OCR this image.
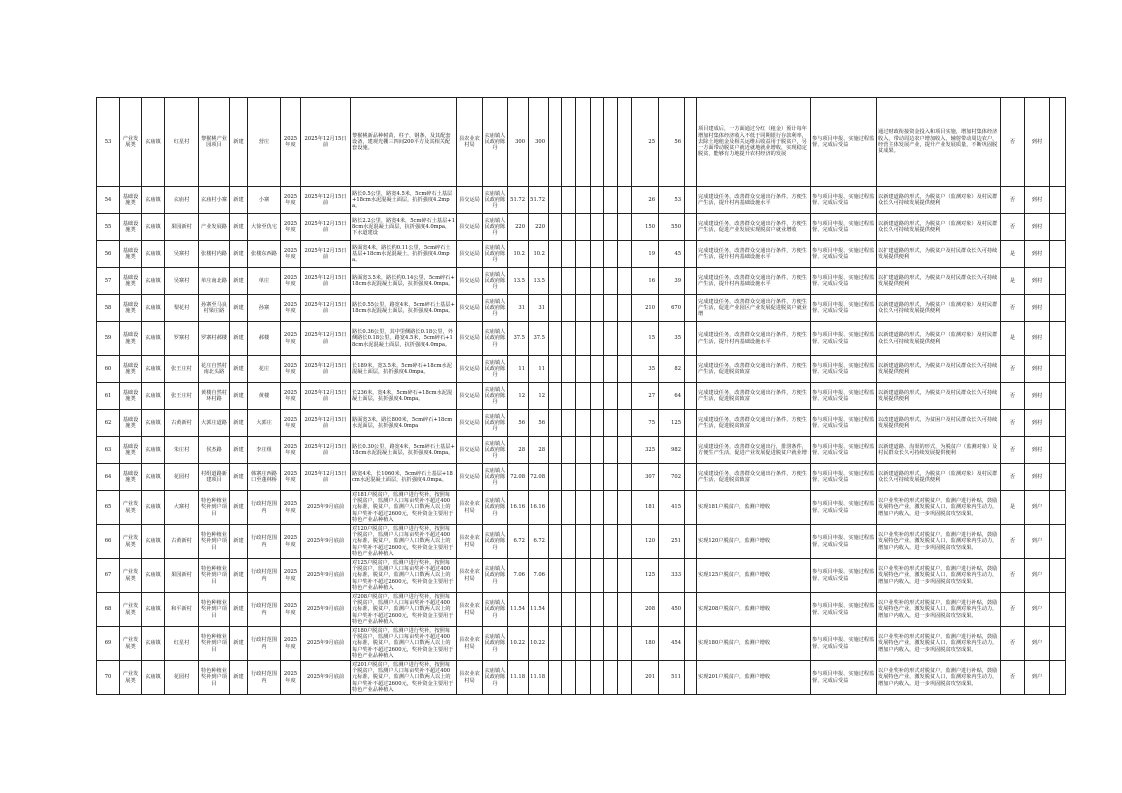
53	产业发展类	玄庙镇	红星村	黎猴桃产业园项目	新建	营庄	2025年度	2025年12月15日前	黎猴桃新品种树苗，柱子，钢条，及其配套设备，建观光棚三四间200平方及其相关配套设施。	县农业农村局	玄庙镇人民政府陈丹	300	300							25	56		项目建成后，一方面通过分红（租金）预计每年增加村集体经济收入不低于同期银行存款利率，去除土地租金及相关运维后收益用于脱贫户，另一方面带动脱贫户就近就地就业增收，实现稳定脱贫，能够有力地提升农村经济的发展	参与项目申报、实施过程监督、完成后受益	通过财政衔接资金投入和项目实施，增加村集体经济收入，带动周边农户增加收入，辅射带动周边农户，经营主体发展产业，提升产业发展质量，不断巩固脱贫成果。	否	到村	
54	基础设施类	玄庙镇	玄庙村	玄庙村小寨	新建	小寨	2025年度	2025年12月15日前	路长0.5公里，路宽4.5米，5cm碎石土基层+18cm水泥混凝土面层，抗折强度4.2mpa。	县交运局	玄庙镇人民政府陈丹	51.72	51.72							26	53		完成建设任务，改善群众交通出行条件，方便生产生活，提升村内基础设施水平	参与项目申报、实施过程监督、完成后受益	以新建道路的形式，为脱贫户（监测对象）及村民群众长久可持续发展提供便利	否	到村	
55	基础设施类	玄庙镇	果园新村	产业发展路	新建	大徐至仇宅	2025年度	2025年12月15日前	路长2.2公里，路宽4米，5cm碎石土基层+18cm水泥混凝土面层，抗折强度4.0mpa，下水道建设	县交运局	玄庙镇人民政府陈丹	220	220							150	550		完成建设任务，改善群众交通出行条件，方便生产生活，促进产业发展实现脱贫户就业增收	参与项目申报、实施过程监督、完成后受益	以新建道路的形式，为脱贫户（监测对象）及村民群众长久可持续发展提供便利	否	到村	
56	基础设施类	玄庙镇	吴寨村	张楼村内路	新建	张楼东西路	2025年度	2025年12月15日前	路面宽4米，路长约0.11公里，5cm碎石土基层+18cm水泥混凝土，抗折强度4.0mpa。	县交运局	玄庙镇人民政府陈丹	10.2	10.2							19	45		完成建设任务，改善群众交通出行条件，方便生产生活，提升村内基础设施水平	参与项目申报、实施过程监督、完成后受益	以扩建道路的形式，为脱贫户及村民群众长久可持续发展提供便利	是	到村	
57	基础设施类	玄庙镇	吴寨村	单庄南北路	新建	单庄	2025年度	2025年12月15日前	路面宽3.5米，路长约0.14公里，5cm碎石+18cm水泥混凝土面层，抗折强度4.0mpa。	县交运局	玄庙镇人民政府陈丹	13.5	13.5							16	39		完成建设任务，改善群众交通出行条件，方便生产生活，提升村内基础设施水平	参与项目申报、实施过程监督、完成后受益	以扩建道路的形式，为脱贫户及村民群众长久可持续发展提供便利	是	到村	
58	基础设施类	玄庙镇	梨花村	孙寨至马良村梁庄路	新建	孙寨	2025年度	2025年12月15日前	路长0.55公里，路宽4米，5cm碎石土基层+18cm水泥混凝土面层，抗折强度4.0mpa。	县交运局	玄庙镇人民政府陈丹	31	31							210	670		完成建设任务，改善群众交通出行条件，方便生产生活，促进产业园区产业发展促进脱贫户就业增	参与项目申报、实施过程监督、完成后受益	以新建道路的形式，为脱贫户（监测对象）及村民群众长久可持续发展提供便利	否	到村	
59	基础设施类	玄庙镇	罗寨村	罗寨村郝楼	新建	郝楼	2025年度	2025年12月15日前	路长0.36公里，其中里侧路长0.18公里，外侧路长0.18公里。路宽4.5米，5cm碎石+18cm水泥混凝土面层，抗折强度4.0mpa。	县交运局	玄庙镇人民政府陈丹	37.5	37.5							15	35		完成建设任务，改善群众交通出行条件，方便生产生活，提升村内基础设施水平	参与项目申报、实施过程监督、完成后受益	以新建道路的形式，为脱贫户（监测对象）及村民群众长久可持续发展提供便利	是	到村	
60	基础设施类	玄庙镇	张王庄村	花庄自然村南北头路	新建	花庄	2025年度	2025年12月15日前	长189米，宽3.5米，5cm碎石+18cm水泥混凝土面层，抗折强度4.0mpa。	县交运局	玄庙镇人民政府陈丹	11	11							35	82		完成建设任务，改善群众交通出行条件，方便生产生活，促进脱贫致富	参与项目申报、实施过程监督、完成后受益	以新建道路的形式，为脱贫户及村民群众长久可持续发展提供便利	否	到村	
61	基础设施类	玄庙镇	张王庄村	黄楼自然村环村路	新建	黄楼	2025年度	2025年12月15日前	长236米，宽4米，5cm碎石+18cm水泥混凝土面层，抗折强度4.0mpa。	县交运局	玄庙镇人民政府陈丹	12	12							27	64		完成建设任务，改善群众交通出行条件，方便生产生活，促进脱贫致富	参与项目申报、实施过程监督、完成后受益	以新建道路的形式，为脱贫户及村民群众长久可持续发展提供便利	否	到村	
62	基础设施类	玄庙镇	古黄新村	大郭庄道路	新建	大郭庄	2025年度	2025年12月15日前	路面宽3米，路长800米，5cm碎石+18cm水泥面层，抗折强度4.0mpa	县交运局	玄庙镇人民政府陈丹	56	56							75	125		完成建设任务，改善群众交通出行条件，方便生产生活，促进脱贫致富	参与项目申报、实施过程监督、完成后受益	以改建道路的形式，为贫困户及村民群众长久可持续发展提供便利	否	到村	
63	基础设施类	玄庙镇	朱庄村	侯杰路	新建	李庄组	2025年度	2025年12月15日前	路长0.30公里，路宽4米，5cm碎石土基层+18cm水泥混凝土面层，抗折强度4.0mpa。	县交运局	玄庙镇人民政府陈丹	28	28							325	982		完成建设任务，改善群众交通出行，排涝条件，方便生产生活，促进产业发展促进脱贫户就业增	参与项目申报、实施过程监督、完成后受益	以新建道路、沟渠的形式，为脱贫户（监测对象）及村民群众长久可持续发展提供便利	否	到村	
64	基础设施类	玄庙镇	花园村	村组道路新建项目	新建	韩寨庄西路口至蓬林桥	2025年度	2025年12月15日前	路宽4米，长1060米，5cm碎石土基层+18cm水泥混凝土面层，抗折强度4.0mpa。	县交运局	玄庙镇人民政府陈丹	72.08	72.08							307	702		完成建设任务，改善群众交通出行条件，方便生产生活，促进脱贫致富	参与项目申报、实施过程监督、完成后受益	以新建道路的形式，为脱贫户（监测对象）及村民群众长久可持续发展提供便利	否	到村	
65	产业发展类	玄庙镇	大寨村	特色种植业奖补到户项目	新建	行政村范围内	2025年度	2025年9月底前	对181户脱贫户，监测户进行奖补。按照每个脱贫户，监测户人口每亩奖补不超过400元标准，脱贫户，监测户人口数两人以上的每户奖补不超过2600元，奖补资金主要用于特色产业品种植入	县农业农村局	玄庙镇人民政府陈丹	16.16	16.16							181	415		实现181户脱贫户，监测户增收	参与项目申报、实施过程监督、完成后受益	以户业奖补的形式对脱贫户，监测户进行补贴，鼓励发展特色产业，激发脱贫人口，监测对象内生动力，增加户内收入，进一步巩固脱贫攻坚成果。	是	到户	
66	产业发展类	玄庙镇	古黄新村	特色种植业奖补到户项目	新建	行政村范围内	2025年度	2025年9月底前	对120户脱贫户，监测户进行奖补。按照每个脱贫户，监测户人口每亩奖补不超过400元标准，脱贫户，监测户人口数两人以上的每户奖补不超过2600元，奖补资金主要用于特色产业品种植入	县农业农村局	玄庙镇人民政府陈丹	6.72	6.72							120	251		实现120户脱贫户，监测户增收	参与项目申报、实施过程监督、完成后受益	以户业奖补的形式对脱贫户，监测户进行补贴，鼓励发展特色产业，激发脱贫人口，监测对象内生动力，增加户内收入，进一步巩固脱贫攻坚成果。	否	到户	
67	产业发展类	玄庙镇	果园新村	特色种植业奖补到户项目	新建	行政村范围内	2025年度	2025年9月底前	对125户脱贫户，监测户进行奖补。按照每个脱贫户，监测户人口每亩奖补不超过400元标准，脱贫户，监测户人口数两人以上的每户奖补不超过2600元，奖补资金主要用于特色产业品种植入	县农业农村局	玄庙镇人民政府陈丹	7.06	7.06							125	333		实现125户脱贫户，监测户增收	参与项目申报、实施过程监督、完成后受益	以户业奖补的形式对脱贫户，监测户进行补贴，鼓励发展特色产业，激发脱贫人口，监测对象内生动力，增加户内收入，进一步巩固脱贫攻坚成果。	否	到户	
68	产业发展类	玄庙镇	和平新村	特色种植业奖补到户项目	新建	行政村范围内	2025年度	2025年9月底前	对208户脱贫户，监测户进行奖补。按照每个脱贫户，监测户人口每亩奖补不超过400元标准，脱贫户，监测户人口数两人以上的每户奖补不超过2600元，奖补资金主要用于特色产业品种植入	县农业农村局	玄庙镇人民政府陈丹	11.54	11.54							208	450		实现208户脱贫户，监测户增收	参与项目申报、实施过程监督、完成后受益	以户业奖补的形式对脱贫户，监测户进行补贴，鼓励发展特色产业，激发脱贫人口，监测对象内生动力，增加户内收入，进一步巩固脱贫攻坚成果。	否	到户	
69	产业发展类	玄庙镇	红星村	特色种植业奖补到户项目	新建	行政村范围内	2025年度	2025年9月底前	对180户脱贫户，监测户进行奖补。按照每个脱贫户，监测户人口每亩奖补不超过400元标准，脱贫户，监测户人口数两人以上的每户奖补不超过2600元，奖补资金主要用于特色产业品种植入	县农业农村局	玄庙镇人民政府陈丹	10.22	10.22							180	454		实现180户脱贫户，监测户增收	参与项目申报、实施过程监督、完成后受益	以户业奖补的形式对脱贫户，监测户进行补贴，鼓励发展特色产业，激发脱贫人口，监测对象内生动力，增加户内收入，进一步巩固脱贫攻坚成果。	否	到户	
70	产业发展类	玄庙镇	花园村	特色种植业奖补到户项目	新建	行政村范围内	2025年度	2025年9月底前	对201户脱贫户，监测户进行奖补。按照每个脱贫户，监测户人口每亩奖补不超过400元标准，脱贫户，监测户人口数两人以上的每户奖补不超过2600元，奖补资金主要用于特色产业品种植入	县农业农村局	玄庙镇人民政府陈丹	11.18	11.18							201	511		实现201户脱贫户，监测户增收	参与项目申报、实施过程监督、完成后受益	以户业奖补的形式对脱贫户，监测户进行补贴，鼓励发展特色产业，激发脱贫人口，监测对象内生动力，增加户内收入，进一步巩固脱贫攻坚成果。	否	到户	
